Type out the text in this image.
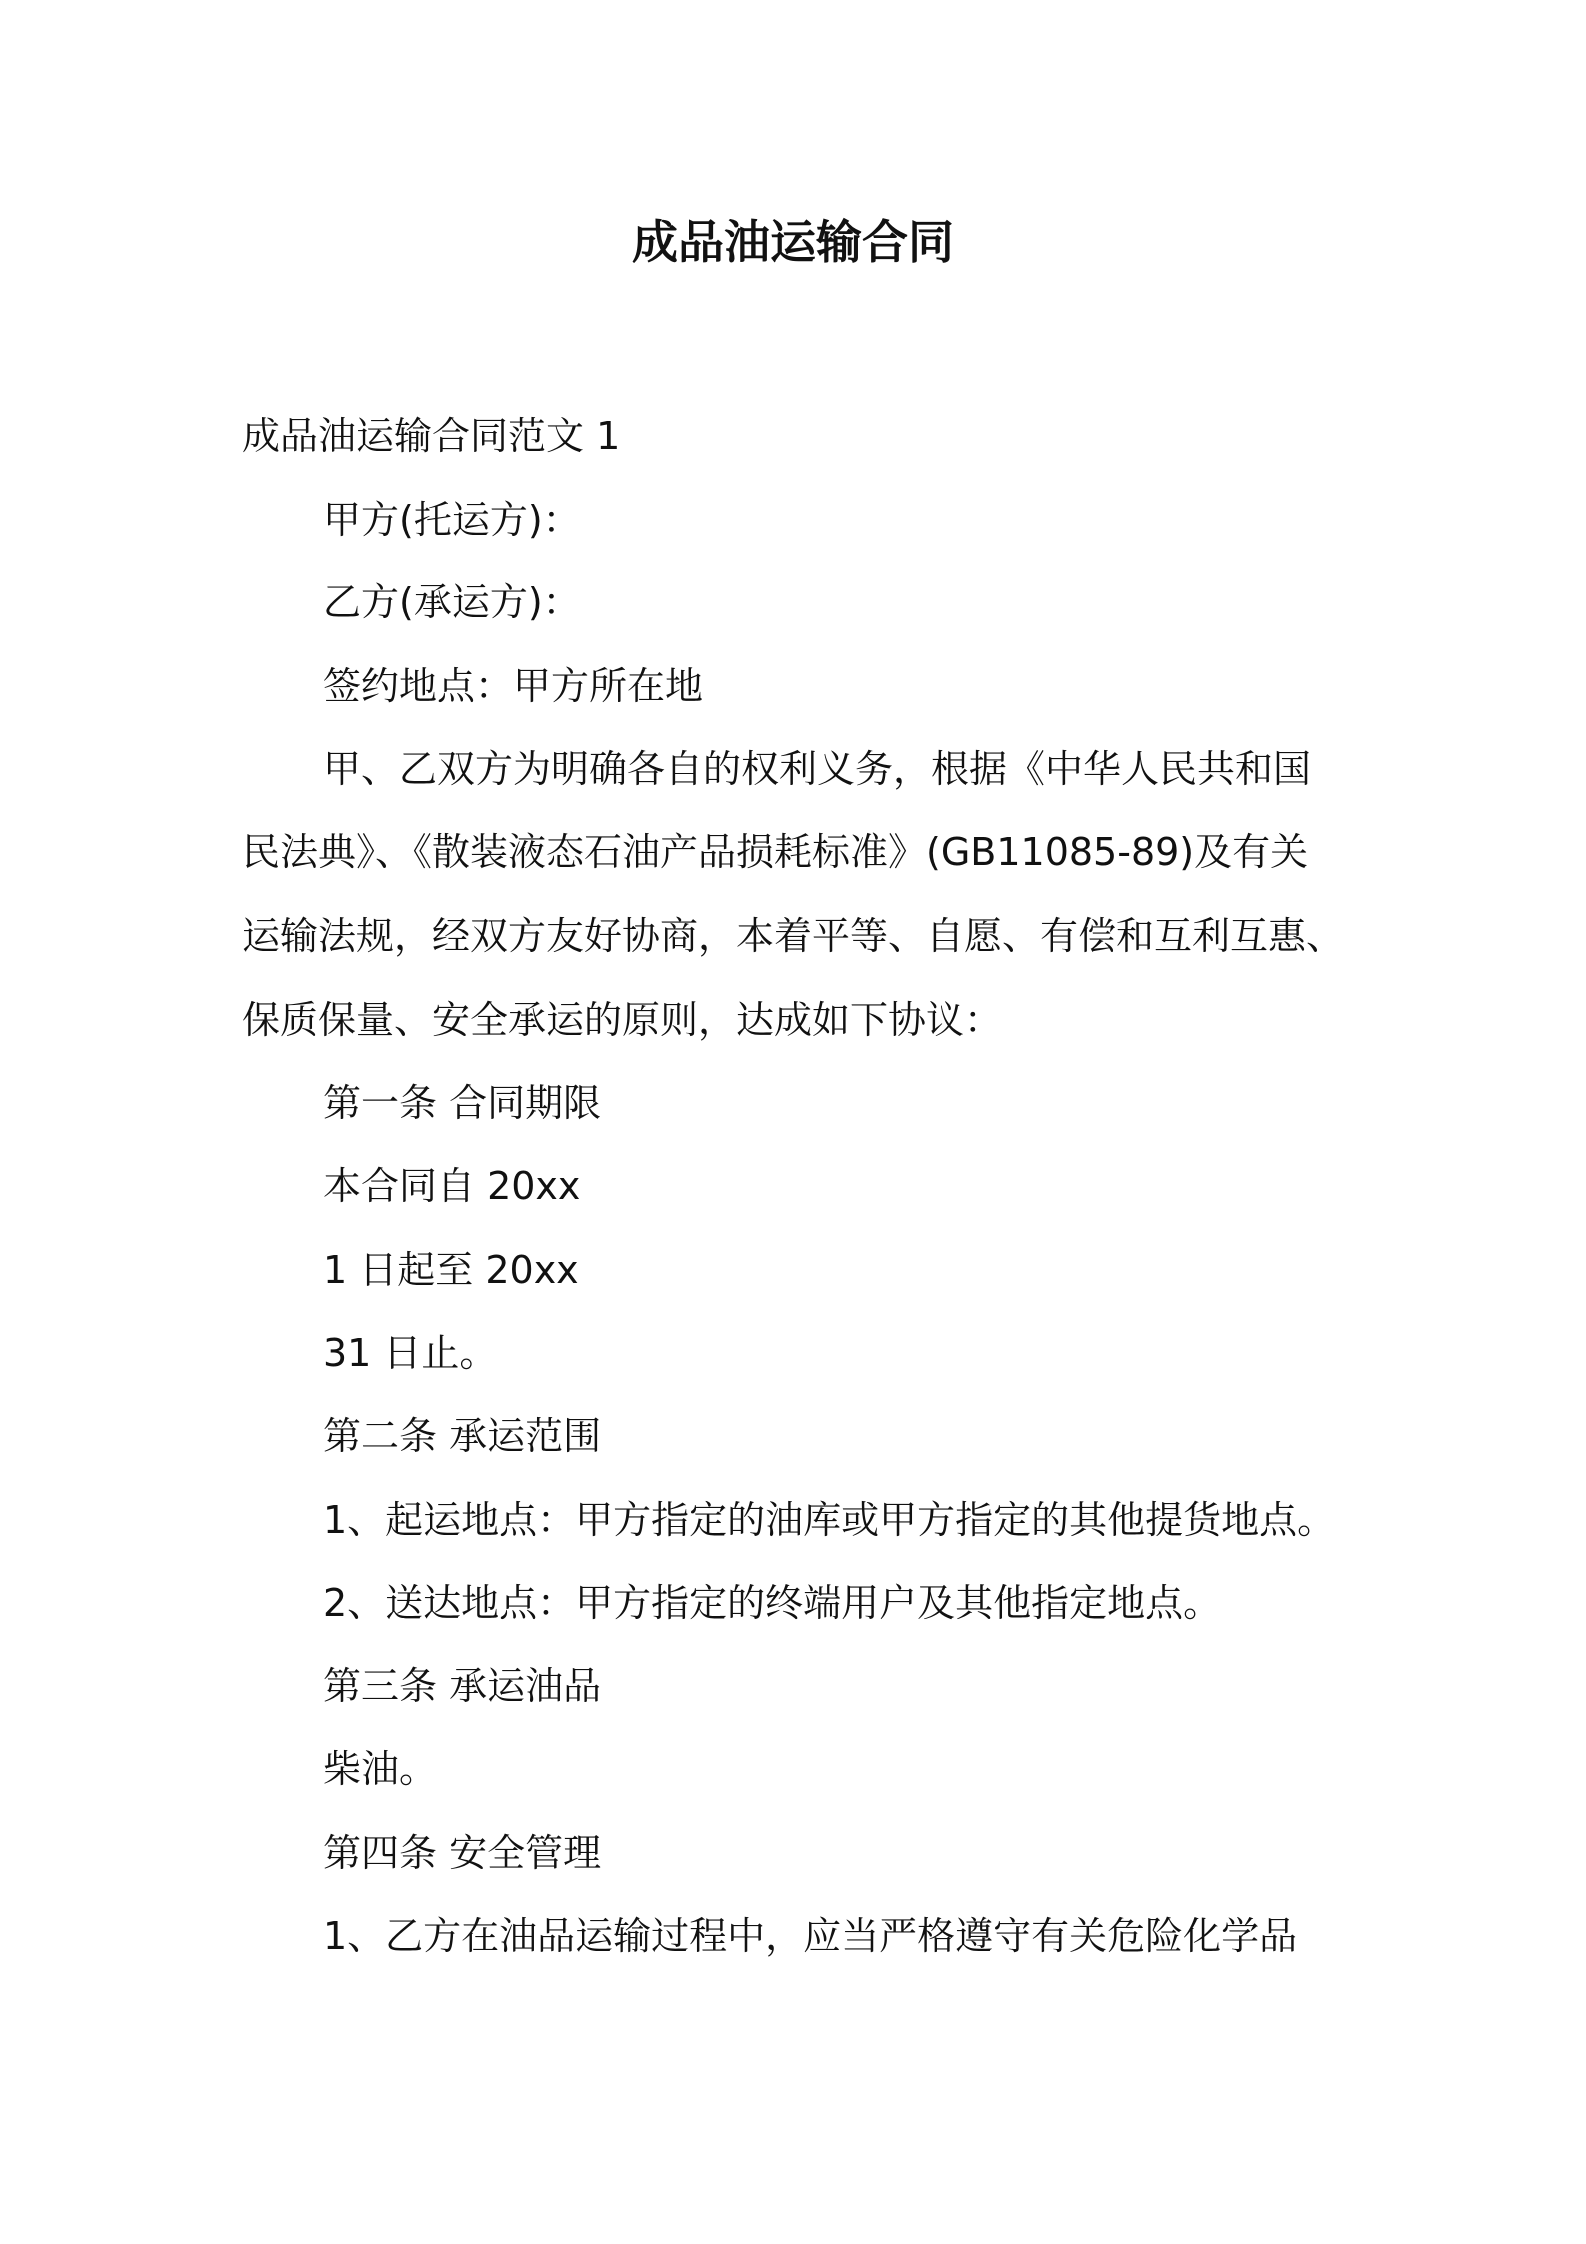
成品油运输合同
成品油运输合同范文 1
甲方(托运方)：
乙方(承运方)：
签约地点：甲方所在地
甲、乙双方为明确各自的权利义务，根据《中华人民共和国
民法典》、《散装液态石油产品损耗标准》(GB11085-89)及有关
运输法规，经双方友好协商，本着平等、自愿、有偿和互利互惠、
保质保量、安全承运的原则，达成如下协议：
第一条 合同期限
本合同自 20xx
1 日起至 20xx
31 日止。
第二条 承运范围
1、起运地点：甲方指定的油库或甲方指定的其他提货地点。
2、送达地点：甲方指定的终端用户及其他指定地点。
第三条 承运油品
柴油。
第四条 安全管理
1、乙方在油品运输过程中，应当严格遵守有关危险化学品
